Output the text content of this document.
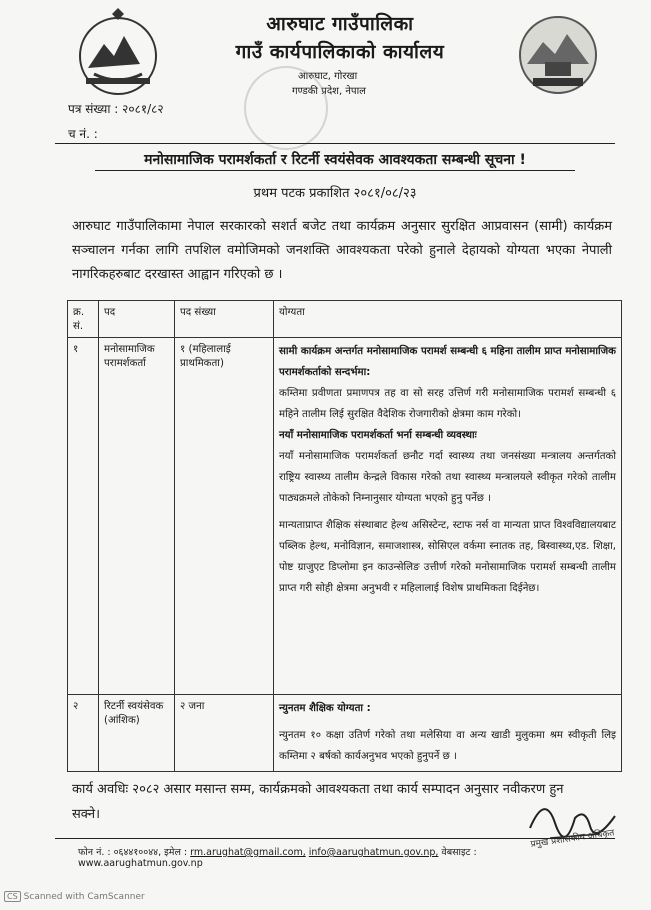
आरुघाट गाउँपालिका
गाउँ कार्यपालिकाको कार्यालय
आरुघाट, गोरखा
गण्डकी प्रदेश, नेपाल
पत्र संख्या : २०८१/८२
च नं. :
मनोसामाजिक परामर्शकर्ता र रिटर्नी स्वयंसेवक आवश्यकता सम्बन्धी सूचना !
प्रथम पटक प्रकाशित २०८१/०८/२३
आरुघाट गाउँपालिकामा नेपाल सरकारको सशर्त बजेट तथा कार्यक्रम अनुसार सुरक्षित आप्रवासन (सामी) कार्यक्रम सञ्चालन गर्नका लागि तपशिल वमोजिमको जनशक्ति आवश्यकता परेको हुनाले देहायको योग्यता भएका नेपाली नागरिकहरुबाट दरखास्त आह्वान गरिएको छ ।
क्र. सं.	पद	पद संख्या	योग्यता
१	मनोसामाजिक परामर्शकर्ता	१ (महिलालाई प्राथमिकता)	सामी कार्यक्रम अन्तर्गत मनोसामाजिक परामर्श सम्बन्धी ६ महिना तालीम प्राप्त मनोसामाजिक परामर्शकर्ताको सन्दर्भमा:

कम्तिमा प्रवीणता प्रमाणपत्र तह वा सो सरह उत्तिर्ण गरी मनोसामाजिक परामर्श सम्बन्धी ६ महिने तालीम लिई सुरक्षित वैदेशिक रोजगारीको क्षेत्रमा काम गरेको।

नयाँ मनोसामाजिक परामर्शकर्ता भर्ना सम्बन्धी व्यवस्थाः

नयाँ मनोसामाजिक परामर्शकर्ता छनौट गर्दा स्वास्थ्य तथा जनसंख्या मन्त्रालय अन्तर्गतको राष्ट्रिय स्वास्थ्य तालीम केन्द्रले विकास गरेको तथा स्वास्थ्य मन्त्रालयले स्वीकृत गरेको तालीम पाठ्यक्रमले तोकेको निम्नानुसार योग्यता भएको हुनु पर्नेछ ।

मान्यताप्राप्त शैक्षिक संस्थाबाट हेल्थ असिस्टेन्ट, स्टाफ नर्स वा मान्यता प्राप्त विश्वविद्यालयबाट पब्लिक हेल्थ, मनोविज्ञान, समाजशास्त्र, सोसिएल वर्कमा स्नातक तह, बिस्वास्थ्य,एड. शिक्षा, पोष्ट ग्राजुएट डिप्लोमा इन काउन्सेलिङ उत्तीर्ण गरेको मनोसामाजिक परामर्श सम्बन्धी तालीम प्राप्त गरी सोही क्षेत्रमा अनुभवी र महिलालाई विशेष प्राथमिकता दिईनेछ।

२	रिटर्नी स्वयंसेवक (आंशिक)	२ जना	न्युनतम शैक्षिक योग्यता :

न्युनतम १० कक्षा उतिर्ण गरेको तथा मलेसिया वा अन्य खाडी मुलुकमा श्रम स्वीकृती लिइ कम्तिमा २ बर्षको कार्यअनुभव भएको हुनुपर्ने छ ।

कार्य अवधिः २०८२ असार मसान्त सम्म, कार्यक्रमको आवश्यकता तथा कार्य सम्पादन अनुसार नवीकरण हुन सक्ने।
प्रमुख प्रशासकीय अधिकृत
फोन नं. : ०६४४१००४४, इमेल : rm.arughat@gmail.com, info@aarughatmun.gov.np, वेबसाइट : www.aarughatmun.gov.np
CS Scanned with CamScanner
